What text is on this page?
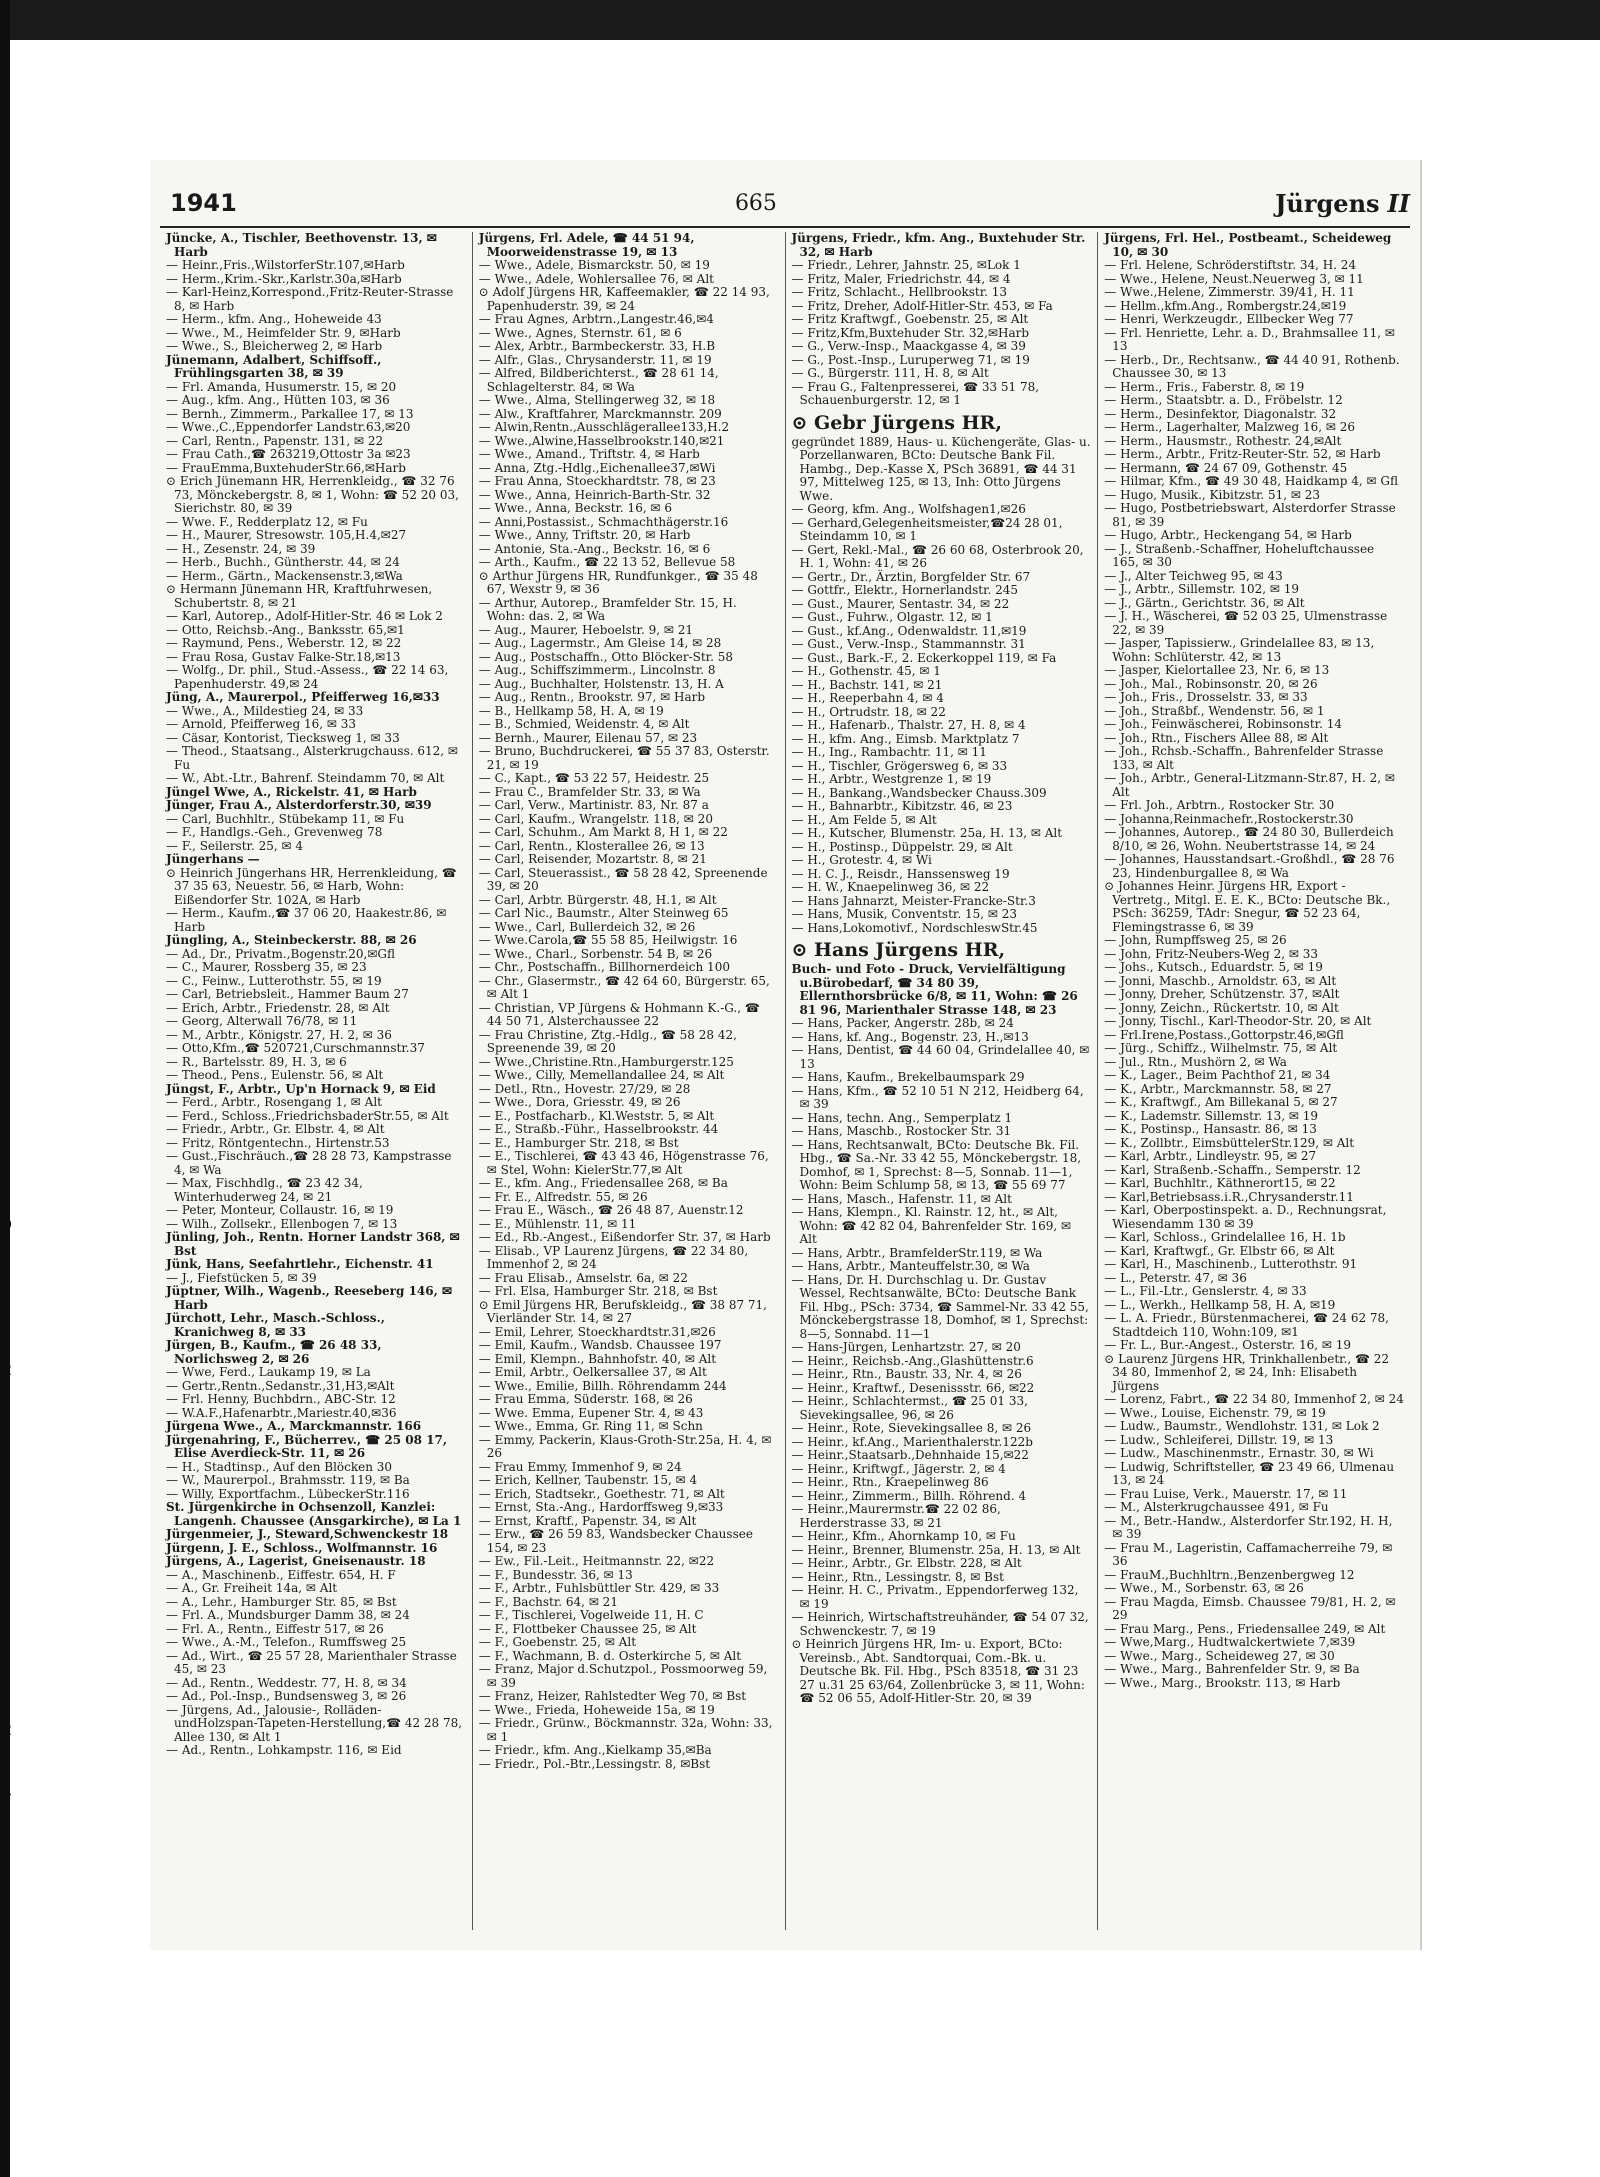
9
2
2
7
1941	665	Jürgens II

Jüncke, A., Tischler, Beethovenstr. 13, ✉ Harb

— Heinr.,Fris.,WilstorferStr.107,✉Harb

— Herm.,Krim.-Skr.,Karlstr.30a,✉Harb

— Karl-Heinz,Korrespond.,Fritz-Reuter-Strasse 8, ✉ Harb

— Herm., kfm. Ang., Hoheweide 43

— Wwe., M., Heimfelder Str. 9, ✉Harb

— Wwe., S., Bleicherweg 2, ✉ Harb

Jünemann, Adalbert, Schiffsoff., Frühlingsgarten 38, ✉ 39

— Frl. Amanda, Husumerstr. 15, ✉ 20

— Aug., kfm. Ang., Hütten 103, ✉ 36

— Bernh., Zimmerm., Parkallee 17, ✉ 13

— Wwe.,C.,Eppendorfer Landstr.63,✉20

— Carl, Rentn., Papenstr. 131, ✉ 22

— Frau Cath.,☎ 263219,Ottostr 3a ✉23

— FrauEmma,BuxtehuderStr.66,✉Harb

⊙ Erich Jünemann HR, Herrenkleidg., ☎ 32 76 73, Mönckebergstr. 8, ✉ 1, Wohn: ☎ 52 20 03, Sierichstr. 80, ✉ 39

— Wwe. F., Redderplatz 12, ✉ Fu

— H., Maurer, Stresowstr. 105,H.4,✉27

— H., Zesenstr. 24, ✉ 39

— Herb., Buchh., Güntherstr. 44, ✉ 24

— Herm., Gärtn., Mackensenstr.3,✉Wa

⊙ Hermann Jünemann HR, Kraftfuhrwesen, Schubertstr. 8, ✉ 21

— Karl, Autorep., Adolf-Hitler-Str. 46 ✉ Lok 2

— Otto, Reichsb.-Ang., Banksstr. 65,✉1

— Raymund, Pens., Weberstr. 12, ✉ 22

— Frau Rosa, Gustav Falke-Str.18,✉13

— Wolfg., Dr. phil., Stud.-Assess., ☎ 22 14 63, Papenhuderstr. 49,✉ 24

Jüng, A., Maurerpol., Pfeifferweg 16,✉33

— Wwe., A., Mildestieg 24, ✉ 33

— Arnold, Pfeifferweg 16, ✉ 33

— Cäsar, Kontorist, Tiecksweg 1, ✉ 33

— Theod., Staatsang., Alsterkrugchauss. 612, ✉ Fu

— W., Abt.-Ltr., Bahrenf. Steindamm 70, ✉ Alt

Jüngel Wwe, A., Rickelstr. 41, ✉ Harb

Jünger, Frau A., Alsterdorferstr.30, ✉39

— Carl, Buchhltr., Stübekamp 11, ✉ Fu

— F., Handlgs.-Geh., Grevenweg 78

— F., Seilerstr. 25, ✉ 4

Jüngerhans —

⊙ Heinrich Jüngerhans HR, Herrenkleidung, ☎ 37 35 63, Neuestr. 56, ✉ Harb, Wohn: Eißendorfer Str. 102A, ✉ Harb

— Herm., Kaufm.,☎ 37 06 20, Haakestr.86, ✉ Harb

Jüngling, A., Steinbeckerstr. 88, ✉ 26

— Ad., Dr., Privatm.,Bogenstr.20,✉Gfl

— C., Maurer, Rossberg 35, ✉ 23

— C., Feinw., Lutterothstr. 55, ✉ 19

— Carl, Betriebsleit., Hammer Baum 27

— Erich, Arbtr., Friedenstr. 28, ✉ Alt

— Georg, Alterwall 76/78, ✉ 11

— M., Arbtr., Königstr. 27, H. 2, ✉ 36

— Otto,Kfm.,☎ 520721,Curschmannstr.37

— R., Bartelsstr. 89, H. 3, ✉ 6

— Theod., Pens., Eulenstr. 56, ✉ Alt

Jüngst, F., Arbtr., Up'n Hornack 9, ✉ Eid

— Ferd., Arbtr., Rosengang 1, ✉ Alt

— Ferd., Schloss.,FriedrichsbaderStr.55, ✉ Alt

— Friedr., Arbtr., Gr. Elbstr. 4, ✉ Alt

— Fritz, Röntgentechn., Hirtenstr.53

— Gust.,Fischräuch.,☎ 28 28 73, Kampstrasse 4, ✉ Wa

— Max, Fischhdlg., ☎ 23 42 34, Winterhuderweg 24, ✉ 21

— Peter, Monteur, Collaustr. 16, ✉ 19

— Wilh., Zollsekr., Ellenbogen 7, ✉ 13

Jünling, Joh., Rentn. Horner Landstr 368, ✉ Bst

Jünk, Hans, Seefahrtlehr., Eichenstr. 41

— J., Fiefstücken 5, ✉ 39

Jüptner, Wilh., Wagenb., Reeseberg 146, ✉ Harb

Jürchott, Lehr., Masch.-Schloss., Kranichweg 8, ✉ 33

Jürgen, B., Kaufm., ☎ 26 48 33, Norlichsweg 2, ✉ 26

— Wwe, Ferd., Laukamp 19, ✉ La

— Gertr.,Rentn.,Sedanstr.,31,H3,✉Alt

— Frl. Henny, Buchbdrn., ABC-Str. 12

— W.A.F.,Hafenarbtr.,Mariestr.40,✉36

Jürgena Wwe., A., Marckmannstr. 166

Jürgenahring, F., Bücherrev., ☎ 25 08 17, Elise Averdieck-Str. 11, ✉ 26

— H., Stadtinsp., Auf den Blöcken 30

— W., Maurerpol., Brahmsstr. 119, ✉ Ba

— Willy, Exportfachm., LübeckerStr.116

St. Jürgenkirche in Ochsenzoll, Kanzlei: Langenh. Chaussee (Ansgarkirche), ✉ La 1

Jürgenmeier, J., Steward,Schwenckestr 18

Jürgenn, J. E., Schloss., Wolfmannstr. 16

Jürgens, A., Lagerist, Gneisenaustr. 18

— A., Maschinenb., Eiffestr. 654, H. F

— A., Gr. Freiheit 14a, ✉ Alt

— A., Lehr., Hamburger Str. 85, ✉ Bst

— Frl. A., Mundsburger Damm 38, ✉ 24

— Frl. A., Rentn., Eiffestr 517, ✉ 26

— Wwe., A.-M., Telefon., Rumffsweg 25

— Ad., Wirt., ☎ 25 57 28, Marienthaler Strasse 45, ✉ 23

— Ad., Rentn., Weddestr. 77, H. 8, ✉ 34

— Ad., Pol.-Insp., Bundsensweg 3, ✉ 26

— Jürgens, Ad., Jalousie-, Rolläden- undHolzspan-Tapeten-Herstellung,☎ 42 28 78, Allee 130, ✉ Alt 1

— Ad., Rentn., Lohkampstr. 116, ✉ Eid

Jürgens, Frl. Adele, ☎ 44 51 94, Moorweidenstrasse 19, ✉ 13

— Wwe., Adele, Bismarckstr. 50, ✉ 19

— Wwe., Adele, Wohlersallee 76, ✉ Alt

⊙ Adolf Jürgens HR, Kaffeemakler, ☎ 22 14 93, Papenhuderstr. 39, ✉ 24

— Frau Agnes, Arbtrn.,Langestr.46,✉4

— Wwe., Agnes, Sternstr. 61, ✉ 6

— Alex, Arbtr., Barmbeckerstr. 33, H.B

— Alfr., Glas., Chrysanderstr. 11, ✉ 19

— Alfred, Bildberichterst., ☎ 28 61 14, Schlagelterstr. 84, ✉ Wa

— Wwe., Alma, Stellingerweg 32, ✉ 18

— Alw., Kraftfahrer, Marckmannstr. 209

— Alwin,Rentn.,Ausschlägerallee133,H.2

— Wwe.,Alwine,Hasselbrookstr.140,✉21

— Wwe., Amand., Triftstr. 4, ✉ Harb

— Anna, Ztg.-Hdlg.,Eichenallee37,✉Wi

— Frau Anna, Stoeckhardtstr. 78, ✉ 23

— Wwe., Anna, Heinrich-Barth-Str. 32

— Wwe., Anna, Beckstr. 16, ✉ 6

— Anni,Postassist., Schmachthägerstr.16

— Wwe., Anny, Triftstr. 20, ✉ Harb

— Antonie, Sta.-Ang., Beckstr. 16, ✉ 6

— Arth., Kaufm., ☎ 22 13 52, Bellevue 58

⊙ Arthur Jürgens HR, Rundfunkger., ☎ 35 48 67, Wexstr 9, ✉ 36

— Arthur, Autorep., Bramfelder Str. 15, H. Wohn: das. 2, ✉ Wa

— Aug., Maurer, Heboelstr. 9, ✉ 21

— Aug., Lagermstr., Am Gleise 14, ✉ 28

— Aug., Postschaffn., Otto Blöcker-Str. 58

— Aug., Schiffszimmerm., Lincolnstr. 8

— Aug., Buchhalter, Holstenstr. 13, H. A

— Aug., Rentn., Brookstr. 97, ✉ Harb

— B., Hellkamp 58, H. A, ✉ 19

— B., Schmied, Weidenstr. 4, ✉ Alt

— Bernh., Maurer, Eilenau 57, ✉ 23

— Bruno, Buchdruckerei, ☎ 55 37 83, Osterstr. 21, ✉ 19

— C., Kapt., ☎ 53 22 57, Heidestr. 25

— Frau C., Bramfelder Str. 33, ✉ Wa

— Carl, Verw., Martinistr. 83, Nr. 87 a

— Carl, Kaufm., Wrangelstr. 118, ✉ 20

— Carl, Schuhm., Am Markt 8, H 1, ✉ 22

— Carl, Rentn., Klosterallee 26, ✉ 13

— Carl, Reisender, Mozartstr. 8, ✉ 21

— Carl, Steuerassist., ☎ 58 28 42, Spreenende 39, ✉ 20

— Carl, Arbtr. Bürgerstr. 48, H.1, ✉ Alt

— Carl Nic., Baumstr., Alter Steinweg 65

— Wwe., Carl, Bullerdeich 32, ✉ 26

— Wwe.Carola,☎ 55 58 85, Heilwigstr. 16

— Wwe., Charl., Sorbenstr. 54 B, ✉ 26

— Chr., Postschaffn., Billhornerdeich 100

— Chr., Glasermstr., ☎ 42 64 60, Bürgerstr. 65, ✉ Alt 1

— Christian, VP Jürgens & Hohmann K.-G., ☎ 44 50 71, Alsterchaussee 22

— Frau Christine, Ztg.-Hdlg., ☎ 58 28 42, Spreenende 39, ✉ 20

— Wwe.,Christine.Rtn.,Hamburgerstr.125

— Wwe., Cilly, Memellandallee 24, ✉ Alt

— Detl., Rtn., Hovestr. 27/29, ✉ 28

— Wwe., Dora, Griesstr. 49, ✉ 26

— E., Postfacharb., Kl.Weststr. 5, ✉ Alt

— E., Straßb.-Führ., Hasselbrookstr. 44

— E., Hamburger Str. 218, ✉ Bst

— E., Tischlerei, ☎ 43 43 46, Högenstrasse 76, ✉ Stel, Wohn: KielerStr.77,✉ Alt

— E., kfm. Ang., Friedensallee 268, ✉ Ba

— Fr. E., Alfredstr. 55, ✉ 26

— Frau E., Wäsch., ☎ 26 48 87, Auenstr.12

— E., Mühlenstr. 11, ✉ 11

— Ed., Rb.-Angest., Eißendorfer Str. 37, ✉ Harb

— Elisab., VP Laurenz Jürgens, ☎ 22 34 80, Immenhof 2, ✉ 24

— Frau Elisab., Amselstr. 6a, ✉ 22

— Frl. Elsa, Hamburger Str. 218, ✉ Bst

⊙ Emil Jürgens HR, Berufskleidg., ☎ 38 87 71, Vierländer Str. 14, ✉ 27

— Emil, Lehrer, Stoeckhardtstr.31,✉26

— Emil, Kaufm., Wandsb. Chaussee 197

— Emil, Klempn., Bahnhofstr. 40, ✉ Alt

— Emil, Arbtr., Oelkersallee 37, ✉ Alt

— Wwe., Emilie, Billh. Röhrendamm 244

— Frau Emma, Süderstr. 168, ✉ 26

— Wwe. Emma, Eupener Str. 4, ✉ 43

— Wwe., Emma, Gr. Ring 11, ✉ Schn

— Emmy, Packerin, Klaus-Groth-Str.25a, H. 4, ✉ 26

— Frau Emmy, Immenhof 9, ✉ 24

— Erich, Kellner, Taubenstr. 15, ✉ 4

— Erich, Stadtsekr., Goethestr. 71, ✉ Alt

— Ernst, Sta.-Ang., Hardorffsweg 9,✉33

— Ernst, Kraftf., Papenstr. 34, ✉ Alt

— Erw., ☎ 26 59 83, Wandsbecker Chaussee 154, ✉ 23

— Ew., Fil.-Leit., Heitmannstr. 22, ✉22

— F., Bundesstr. 36, ✉ 13

— F., Arbtr., Fuhlsbüttler Str. 429, ✉ 33

— F., Bachstr. 64, ✉ 21

— F., Tischlerei, Vogelweide 11, H. C

— F., Flottbeker Chaussee 25, ✉ Alt

— F., Goebenstr. 25, ✉ Alt

— F., Wachmann, B. d. Osterkirche 5, ✉ Alt

— Franz, Major d.Schutzpol., Possmoorweg 59, ✉ 39

— Franz, Heizer, Rahlstedter Weg 70, ✉ Bst

— Wwe., Frieda, Hoheweide 15a, ✉ 19

— Friedr., Grünw., Böckmannstr. 32a, Wohn: 33, ✉ 1

— Friedr., kfm. Ang.,Kielkamp 35,✉Ba

— Friedr., Pol.-Btr.,Lessingstr. 8, ✉Bst

Jürgens, Friedr., kfm. Ang., Buxtehuder Str. 32, ✉ Harb

— Friedr., Lehrer, Jahnstr. 25, ✉Lok 1

— Fritz, Maler, Friedrichstr. 44, ✉ 4

— Fritz, Schlacht., Hellbrookstr. 13

— Fritz, Dreher, Adolf-Hitler-Str. 453, ✉ Fa

— Fritz Kraftwgf., Goebenstr. 25, ✉ Alt

— Fritz,Kfm,Buxtehuder Str. 32,✉Harb

— G., Verw.-Insp., Maackgasse 4, ✉ 39

— G., Post.-Insp., Luruperweg 71, ✉ 19

— G., Bürgerstr. 111, H. 8, ✉ Alt

— Frau G., Faltenpresserei, ☎ 33 51 78, Schauenburgerstr. 12, ✉ 1

⊙ Gebr Jürgens HR,

gegründet 1889, Haus- u. Küchengeräte, Glas- u. Porzellanwaren, BCto: Deutsche Bank Fil. Hambg., Dep.-Kasse X, PSch 36891, ☎ 44 31 97, Mittelweg 125, ✉ 13, Inh: Otto Jürgens Wwe.

— Georg, kfm. Ang., Wolfshagen1,✉26

— Gerhard,Gelegenheitsmeister,☎24 28 01, Steindamm 10, ✉ 1

— Gert, Rekl.-Mal., ☎ 26 60 68, Osterbrook 20, H. 1, Wohn: 41, ✉ 26

— Gertr., Dr., Ärztin, Borgfelder Str. 67

— Gottfr., Elektr., Hornerlandstr. 245

— Gust., Maurer, Sentastr. 34, ✉ 22

— Gust., Fuhrw., Olgastr. 12, ✉ 1

— Gust., kf.Ang., Odenwaldstr. 11,✉19

— Gust., Verw.-Insp., Stammannstr. 31

— Gust., Bark.-F., 2. Eckerkoppel 119, ✉ Fa

— H., Gothenstr. 45, ✉ 1

— H., Bachstr. 141, ✉ 21

— H., Reeperbahn 4, ✉ 4

— H., Ortrudstr. 18, ✉ 22

— H., Hafenarb., Thalstr. 27, H. 8, ✉ 4

— H., kfm. Ang., Eimsb. Marktplatz 7

— H., Ing., Rambachtr. 11, ✉ 11

— H., Tischler, Grögersweg 6, ✉ 33

— H., Arbtr., Westgrenze 1, ✉ 19

— H., Bankang.,Wandsbecker Chauss.309

— H., Bahnarbtr., Kibitzstr. 46, ✉ 23

— H., Am Felde 5, ✉ Alt

— H., Kutscher, Blumenstr. 25a, H. 13, ✉ Alt

— H., Postinsp., Düppelstr. 29, ✉ Alt

— H., Grotestr. 4, ✉ Wi

— H. C. J., Reisdr., Hanssensweg 19

— H. W., Knaepelinweg 36, ✉ 22

— Hans Jahnarzt, Meister-Francke-Str.3

— Hans, Musik, Conventstr. 15, ✉ 23

— Hans,Lokomotivf., NordschleswStr.45

⊙ Hans Jürgens HR,

Buch- und Foto - Druck, Vervielfältigung u.Bürobedarf, ☎ 34 80 39, Ellernthorsbrücke 6/8, ✉ 11, Wohn: ☎ 26 81 96, Marienthaler Strasse 148, ✉ 23

— Hans, Packer, Angerstr. 28b, ✉ 24

— Hans, kf. Ang., Bogenstr. 23, H.,✉13

— Hans, Dentist, ☎ 44 60 04, Grindelallee 40, ✉ 13

— Hans, Kaufm., Brekelbaumspark 29

— Hans, Kfm., ☎ 52 10 51 N 212, Heidberg 64, ✉ 39

— Hans, techn. Ang., Semperplatz 1

— Hans, Maschb., Rostocker Str. 31

— Hans, Rechtsanwalt, BCto: Deutsche Bk. Fil. Hbg., ☎ Sa.-Nr. 33 42 55, Mönckebergstr. 18, Domhof, ✉ 1, Sprechst: 8—5, Sonnab. 11—1, Wohn: Beim Schlump 58, ✉ 13, ☎ 55 69 77

— Hans, Masch., Hafenstr. 11, ✉ Alt

— Hans, Klempn., Kl. Rainstr. 12, ht., ✉ Alt, Wohn: ☎ 42 82 04, Bahrenfelder Str. 169, ✉ Alt

— Hans, Arbtr., BramfelderStr.119, ✉ Wa

— Hans, Arbtr., Manteuffelstr.30, ✉ Wa

— Hans, Dr. H. Durchschlag u. Dr. Gustav Wessel, Rechtsanwälte, BCto: Deutsche Bank Fil. Hbg., PSch: 3734, ☎ Sammel-Nr. 33 42 55, Mönckebergstrasse 18, Domhof, ✉ 1, Sprechst: 8—5, Sonnabd. 11—1

— Hans-Jürgen, Lenhartzstr. 27, ✉ 20

— Heinr., Reichsb.-Ang.,Glashüttenstr.6

— Heinr., Rtn., Baustr. 33, Nr. 4, ✉ 26

— Heinr., Kraftwf., Desenissstr. 66, ✉22

— Heinr., Schlachtermst., ☎ 25 01 33, Sievekingsallee, 96, ✉ 26

— Heinr., Rote, Sievekingsallee 8, ✉ 26

— Heinr., kf.Ang., Marienthalerstr.122b

— Heinr.,Staatsarb.,Dehnhaide 15,✉22

— Heinr., Kriftwgf., Jägerstr. 2, ✉ 4

— Heinr., Rtn., Kraepelinweg 86

— Heinr., Zimmerm., Billh. Röhrend. 4

— Heinr.,Maurermstr.☎ 22 02 86, Herderstrasse 33, ✉ 21

— Heinr., Kfm., Ahornkamp 10, ✉ Fu

— Heinr., Brenner, Blumenstr. 25a, H. 13, ✉ Alt

— Heinr., Arbtr., Gr. Elbstr. 228, ✉ Alt

— Heinr., Rtn., Lessingstr. 8, ✉ Bst

— Heinr. H. C., Privatm., Eppendorferweg 132, ✉ 19

— Heinrich, Wirtschaftstreuhänder, ☎ 54 07 32, Schwenckestr. 7, ✉ 19

⊙ Heinrich Jürgens HR, Im- u. Export, BCto: Vereinsb., Abt. Sandtorquai, Com.-Bk. u. Deutsche Bk. Fil. Hbg., PSch 83518, ☎ 31 23 27 u.31 25 63/64, Zollenbrücke 3, ✉ 11, Wohn: ☎ 52 06 55, Adolf-Hitler-Str. 20, ✉ 39

Jürgens, Frl. Hel., Postbeamt., Scheideweg 10, ✉ 30

— Frl. Helene, Schröderstiftstr. 34, H. 24

— Wwe., Helene, Neust.Neuerweg 3, ✉ 11

— Wwe.,Helene, Zimmerstr. 39/41, H. 11

— Hellm.,kfm.Ang., Rombergstr.24,✉19

— Henri, Werkzeugdr., Ellbecker Weg 77

— Frl. Henriette, Lehr. a. D., Brahmsallee 11, ✉ 13

— Herb., Dr., Rechtsanw., ☎ 44 40 91, Rothenb. Chaussee 30, ✉ 13

— Herm., Fris., Faberstr. 8, ✉ 19

— Herm., Staatsbtr. a. D., Fröbelstr. 12

— Herm., Desinfektor, Diagonalstr. 32

— Herm., Lagerhalter, Malzweg 16, ✉ 26

— Herm., Hausmstr., Rothestr. 24,✉Alt

— Herm., Arbtr., Fritz-Reuter-Str. 52, ✉ Harb

— Hermann, ☎ 24 67 09, Gothenstr. 45

— Hilmar, Kfm., ☎ 49 30 48, Haidkamp 4, ✉ Gfl

— Hugo, Musik., Kibitzstr. 51, ✉ 23

— Hugo, Postbetriebswart, Alsterdorfer Strasse 81, ✉ 39

— Hugo, Arbtr., Heckengang 54, ✉ Harb

— J., Straßenb.-Schaffner, Hoheluftchaussee 165, ✉ 30

— J., Alter Teichweg 95, ✉ 43

— J., Arbtr., Sillemstr. 102, ✉ 19

— J., Gärtn., Gerichtstr. 36, ✉ Alt

— J. H., Wäscherei, ☎ 52 03 25, Ulmenstrasse 22, ✉ 39

— Jasper, Tapissierw., Grindelallee 83, ✉ 13, Wohn: Schlüterstr. 42, ✉ 13

— Jasper, Kielortallee 23, Nr. 6, ✉ 13

— Joh., Mal., Robinsonstr. 20, ✉ 26

— Joh., Fris., Drosselstr. 33, ✉ 33

— Joh., Straßbf., Wendenstr. 56, ✉ 1

— Joh., Feinwäscherei, Robinsonstr. 14

— Joh., Rtn., Fischers Allee 88, ✉ Alt

— Joh., Rchsb.-Schaffn., Bahrenfelder Strasse 133, ✉ Alt

— Joh., Arbtr., General-Litzmann-Str.87, H. 2, ✉ Alt

— Frl. Joh., Arbtrn., Rostocker Str. 30

— Johanna,Reinmachefr.,Rostockerstr.30

— Johannes, Autorep., ☎ 24 80 30, Bullerdeich 8/10, ✉ 26, Wohn. Neubertstrasse 14, ✉ 24

— Johannes, Hausstandsart.-Großhdl., ☎ 28 76 23, Hindenburgallee 8, ✉ Wa

⊙ Johannes Heinr. Jürgens HR, Export - Vertretg., Mitgl. E. E. K., BCto: Deutsche Bk., PSch: 36259, TAdr: Snegur, ☎ 52 23 64, Flemingstrasse 6, ✉ 39

— John, Rumpffsweg 25, ✉ 26

— John, Fritz-Neubers-Weg 2, ✉ 33

— Johs., Kutsch., Eduardstr. 5, ✉ 19

— Jonni, Maschb., Arnoldstr. 63, ✉ Alt

— Jonny, Dreher, Schützenstr. 37, ✉Alt

— Jonny, Zeichn., Rückertstr. 10, ✉ Alt

— Jonny, Tischl., Karl-Theodor-Str. 20, ✉ Alt

— Frl.Irene,Postass.,Gottorpstr.46,✉Gfl

— Jürg., Schiffz., Wilhelmstr. 75, ✉ Alt

— Jul., Rtn., Mushörn 2, ✉ Wa

— K., Lager., Beim Pachthof 21, ✉ 34

— K., Arbtr., Marckmannstr. 58, ✉ 27

— K., Kraftwgf., Am Billekanal 5, ✉ 27

— K., Lademstr. Sillemstr. 13, ✉ 19

— K., Postinsp., Hansastr. 86, ✉ 13

— K., Zollbtr., EimsbüttelerStr.129, ✉ Alt

— Karl, Arbtr., Lindleystr. 95, ✉ 27

— Karl, Straßenb.-Schaffn., Semperstr. 12

— Karl, Buchhltr., Käthnerort15, ✉ 22

— Karl,Betriebsass.i.R.,Chrysanderstr.11

— Karl, Oberpostinspekt. a. D., Rechnungsrat, Wiesendamm 130 ✉ 39

— Karl, Schloss., Grindelallee 16, H. 1b

— Karl, Kraftwgf., Gr. Elbstr 66, ✉ Alt

— Karl, H., Maschinenb., Lutterothstr. 91

— L., Peterstr. 47, ✉ 36

— L., Fil.-Ltr., Genslerstr. 4, ✉ 33

— L., Werkh., Hellkamp 58, H. A, ✉19

— L. A. Friedr., Bürstenmacherei, ☎ 24 62 78, Stadtdeich 110, Wohn:109, ✉1

— Fr. L., Bur.-Angest., Osterstr. 16, ✉ 19

⊙ Laurenz Jürgens HR, Trinkhallenbetr., ☎ 22 34 80, Immenhof 2, ✉ 24, Inh: Elisabeth Jürgens

— Lorenz, Fabrt., ☎ 22 34 80, Immenhof 2, ✉ 24

— Wwe., Louise, Eichenstr. 79, ✉ 19

— Ludw., Baumstr., Wendlohstr. 131, ✉ Lok 2

— Ludw., Schleiferei, Dillstr. 19, ✉ 13

— Ludw., Maschinenmstr., Ernastr. 30, ✉ Wi

— Ludwig, Schriftsteller, ☎ 23 49 66, Ulmenau 13, ✉ 24

— Frau Luise, Verk., Mauerstr. 17, ✉ 11

— M., Alsterkrugchaussee 491, ✉ Fu

— M., Betr.-Handw., Alsterdorfer Str.192, H. H, ✉ 39

— Frau M., Lageristin, Caffamacherreihe 79, ✉ 36

— FrauM.,Buchhltrn.,Benzenbergweg 12

— Wwe., M., Sorbenstr. 63, ✉ 26

— Frau Magda, Eimsb. Chaussee 79/81, H. 2, ✉ 29

— Frau Marg., Pens., Friedensallee 249, ✉ Alt

— Wwe,Marg., Hudtwalckertwiete 7,✉39

— Wwe., Marg., Scheideweg 27, ✉ 30

— Wwe., Marg., Bahrenfelder Str. 9, ✉ Ba

— Wwe., Marg., Brookstr. 113, ✉ Harb
